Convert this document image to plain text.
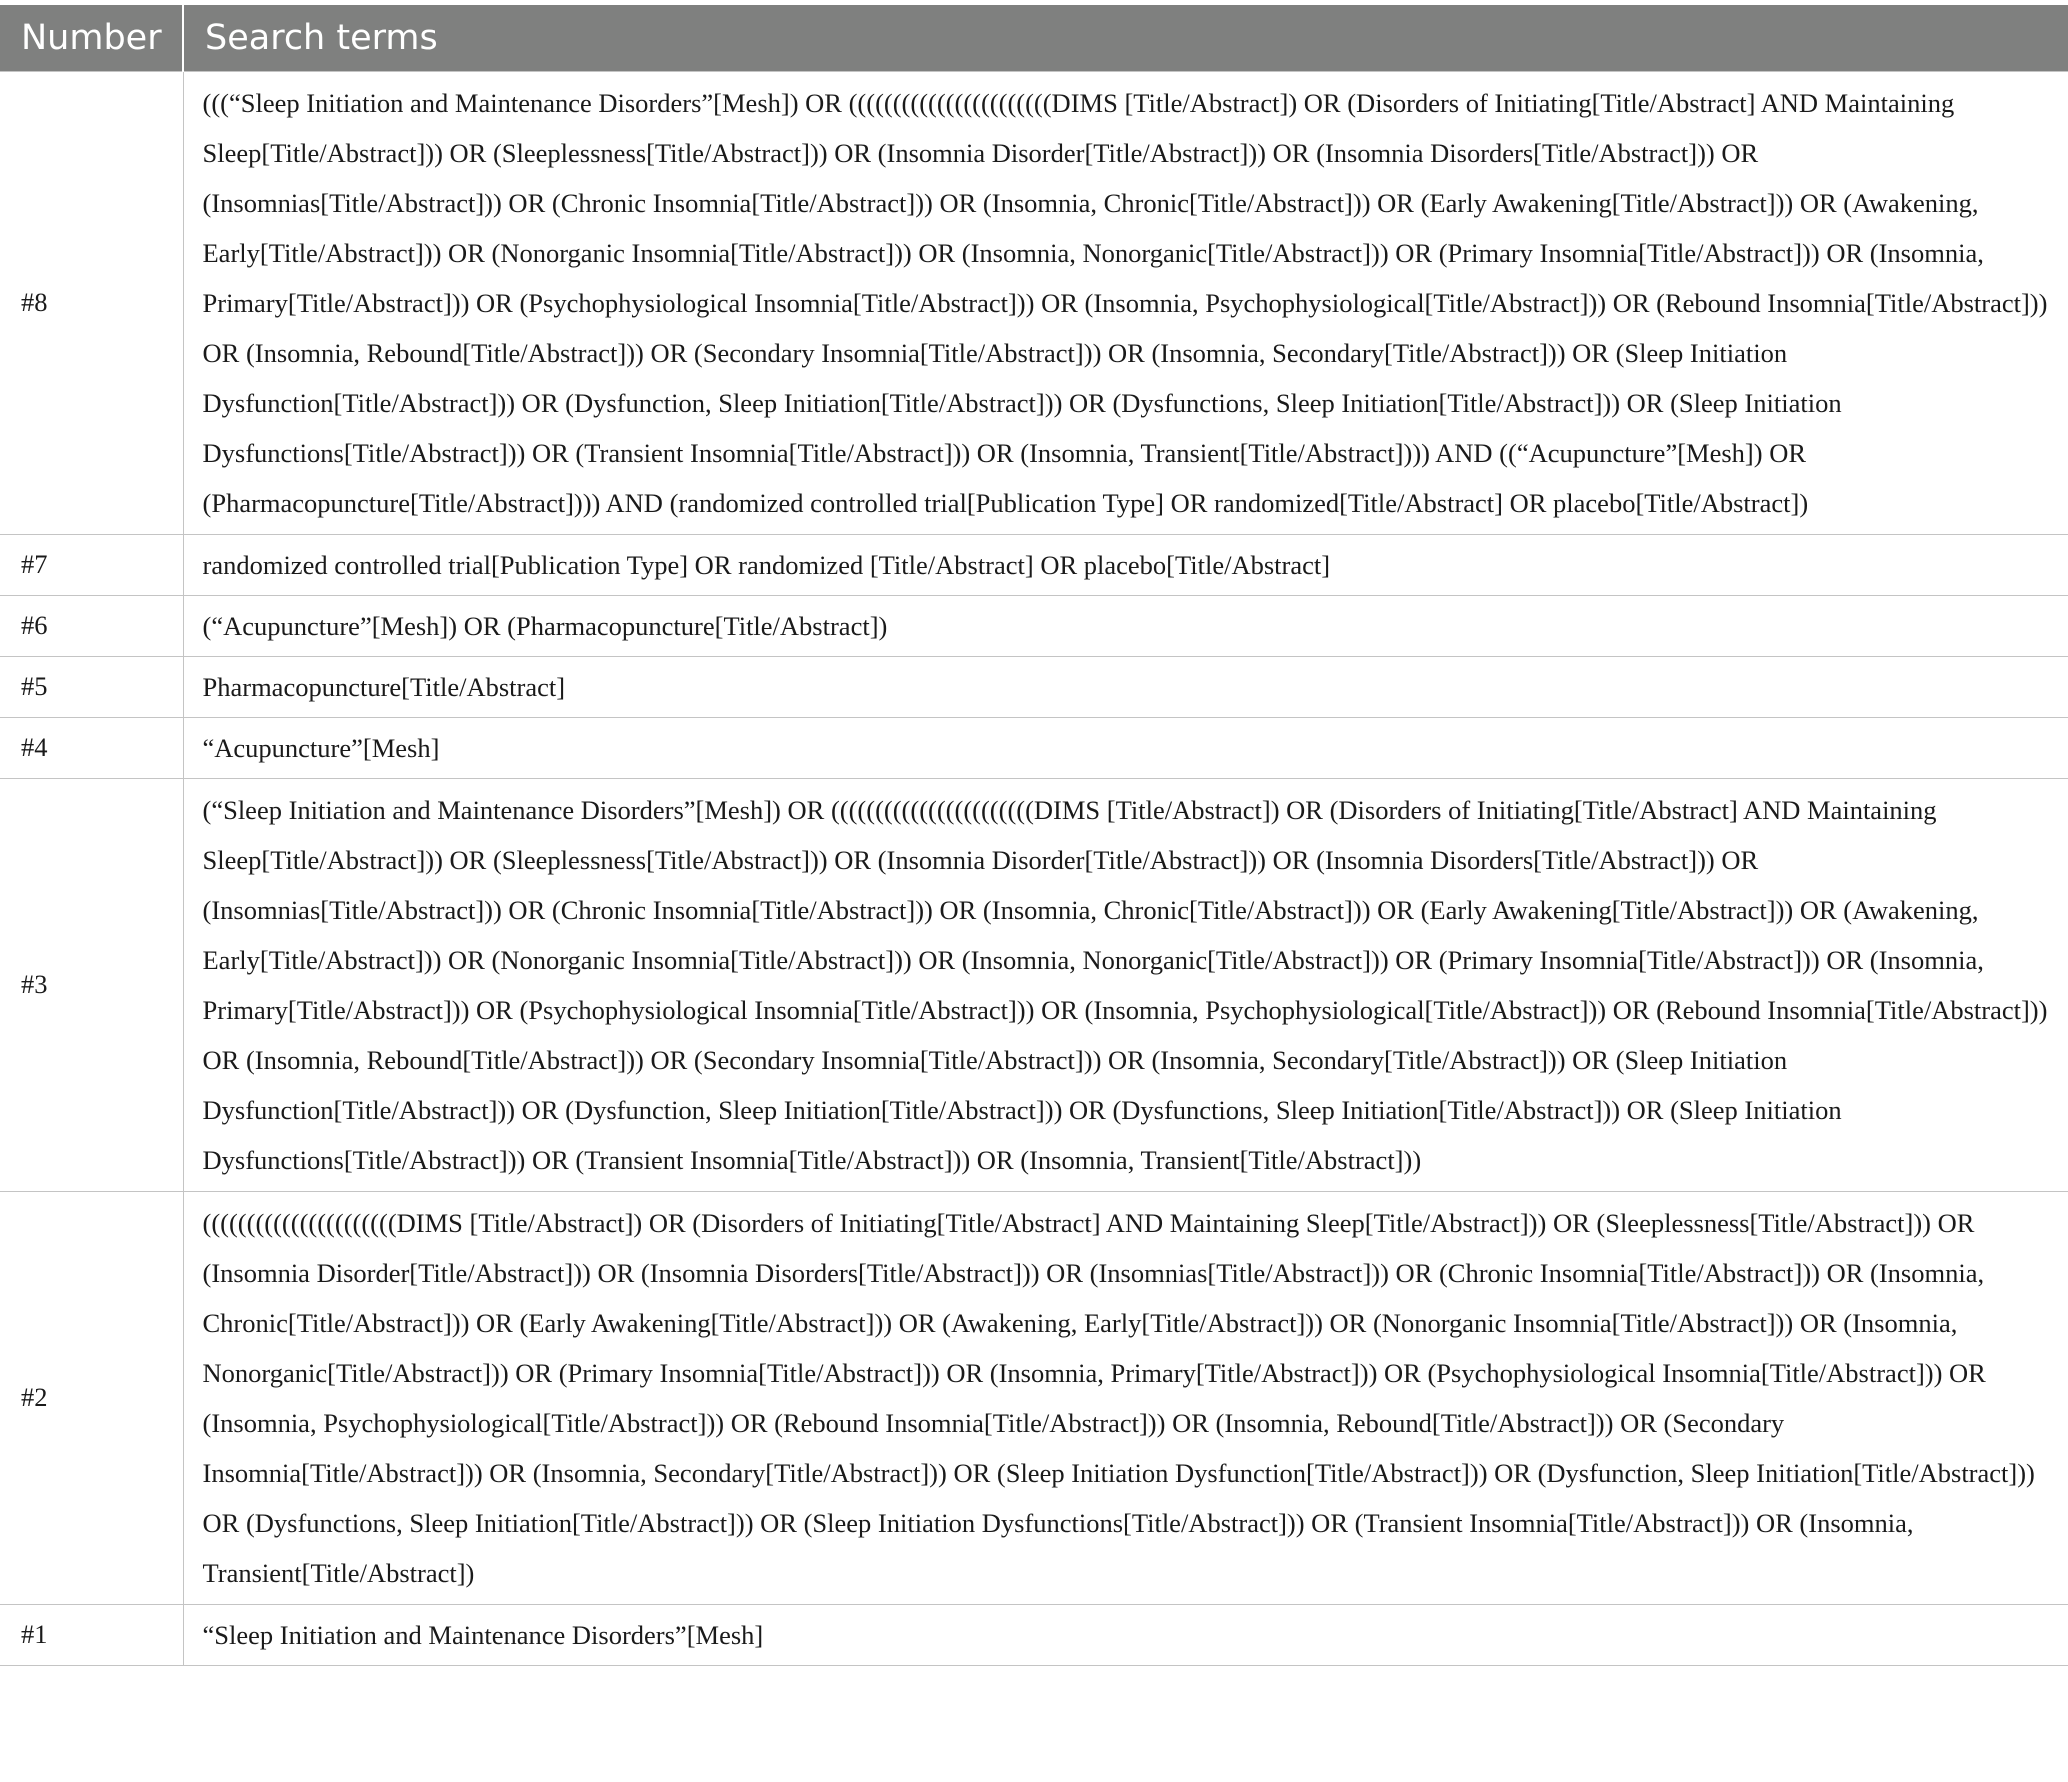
Number	Search terms
#8	(((“Sleep Initiation and Maintenance Disorders”[Mesh]) OR (((((((((((((((((((((((DIMS [Title/Abstract]) OR (Disorders of Initiating[Title/Abstract] AND Maintaining Sleep[Title/Abstract])) OR (Sleeplessness[Title/Abstract])) OR (Insomnia Disorder[Title/Abstract])) OR (Insomnia Disorders[Title/Abstract])) OR (Insomnias[Title/Abstract])) OR (Chronic Insomnia[Title/Abstract])) OR (Insomnia, Chronic[Title/Abstract])) OR (Early Awakening[Title/Abstract])) OR (Awakening, Early[Title/Abstract])) OR (Nonorganic Insomnia[Title/Abstract])) OR (Insomnia, Nonorganic[Title/Abstract])) OR (Primary Insomnia[Title/Abstract])) OR (Insomnia, Primary[Title/Abstract])) OR (Psychophysiological Insomnia[Title/Abstract])) OR (Insomnia, Psychophysiological[Title/Abstract])) OR (Rebound Insomnia[Title/Abstract])) OR (Insomnia, Rebound[Title/Abstract])) OR (Secondary Insomnia[Title/Abstract])) OR (Insomnia, Secondary[Title/Abstract])) OR (Sleep Initiation Dysfunction[Title/Abstract])) OR (Dysfunction, Sleep Initiation[Title/Abstract])) OR (Dysfunctions, Sleep Initiation[Title/Abstract])) OR (Sleep Initiation Dysfunctions[Title/Abstract])) OR (Transient Insomnia[Title/Abstract])) OR (Insomnia, Transient[Title/Abstract]))) AND ((“Acupuncture”[Mesh]) OR (Pharmacopuncture[Title/Abstract]))) AND (randomized controlled trial[Publication Type] OR randomized[Title/Abstract] OR placebo[Title/Abstract])
#7	randomized controlled trial[Publication Type] OR randomized [Title/Abstract] OR placebo[Title/Abstract]
#6	(“Acupuncture”[Mesh]) OR (Pharmacopuncture[Title/Abstract])
#5	Pharmacopuncture[Title/Abstract]
#4	“Acupuncture”[Mesh]
#3	(“Sleep Initiation and Maintenance Disorders”[Mesh]) OR (((((((((((((((((((((((DIMS [Title/Abstract]) OR (Disorders of Initiating[Title/Abstract] AND Maintaining Sleep[Title/Abstract])) OR (Sleeplessness[Title/Abstract])) OR (Insomnia Disorder[Title/Abstract])) OR (Insomnia Disorders[Title/Abstract])) OR (Insomnias[Title/Abstract])) OR (Chronic Insomnia[Title/Abstract])) OR (Insomnia, Chronic[Title/Abstract])) OR (Early Awakening[Title/Abstract])) OR (Awakening, Early[Title/Abstract])) OR (Nonorganic Insomnia[Title/Abstract])) OR (Insomnia, Nonorganic[Title/Abstract])) OR (Primary Insomnia[Title/Abstract])) OR (Insomnia, Primary[Title/Abstract])) OR (Psychophysiological Insomnia[Title/Abstract])) OR (Insomnia, Psychophysiological[Title/Abstract])) OR (Rebound Insomnia[Title/Abstract])) OR (Insomnia, Rebound[Title/Abstract])) OR (Secondary Insomnia[Title/Abstract])) OR (Insomnia, Secondary[Title/Abstract])) OR (Sleep Initiation Dysfunction[Title/Abstract])) OR (Dysfunction, Sleep Initiation[Title/Abstract])) OR (Dysfunctions, Sleep Initiation[Title/Abstract])) OR (Sleep Initiation Dysfunctions[Title/Abstract])) OR (Transient Insomnia[Title/Abstract])) OR (Insomnia, Transient[Title/Abstract]))
#2	((((((((((((((((((((((DIMS [Title/Abstract]) OR (Disorders of Initiating[Title/Abstract] AND Maintaining Sleep[Title/Abstract])) OR (Sleeplessness[Title/Abstract])) OR (Insomnia Disorder[Title/Abstract])) OR (Insomnia Disorders[Title/Abstract])) OR (Insomnias[Title/Abstract])) OR (Chronic Insomnia[Title/Abstract])) OR (Insomnia, Chronic[Title/Abstract])) OR (Early Awakening[Title/Abstract])) OR (Awakening, Early[Title/Abstract])) OR (Nonorganic Insomnia[Title/Abstract])) OR (Insomnia, Nonorganic[Title/Abstract])) OR (Primary Insomnia[Title/Abstract])) OR (Insomnia, Primary[Title/Abstract])) OR (Psychophysiological Insomnia[Title/Abstract])) OR (Insomnia, Psychophysiological[Title/Abstract])) OR (Rebound Insomnia[Title/Abstract])) OR (Insomnia, Rebound[Title/Abstract])) OR (Secondary Insomnia[Title/Abstract])) OR (Insomnia, Secondary[Title/Abstract])) OR (Sleep Initiation Dysfunction[Title/Abstract])) OR (Dysfunction, Sleep Initiation[Title/Abstract])) OR (Dysfunctions, Sleep Initiation[Title/Abstract])) OR (Sleep Initiation Dysfunctions[Title/Abstract])) OR (Transient Insomnia[Title/Abstract])) OR (Insomnia, Transient[Title/Abstract])
#1	“Sleep Initiation and Maintenance Disorders”[Mesh]
